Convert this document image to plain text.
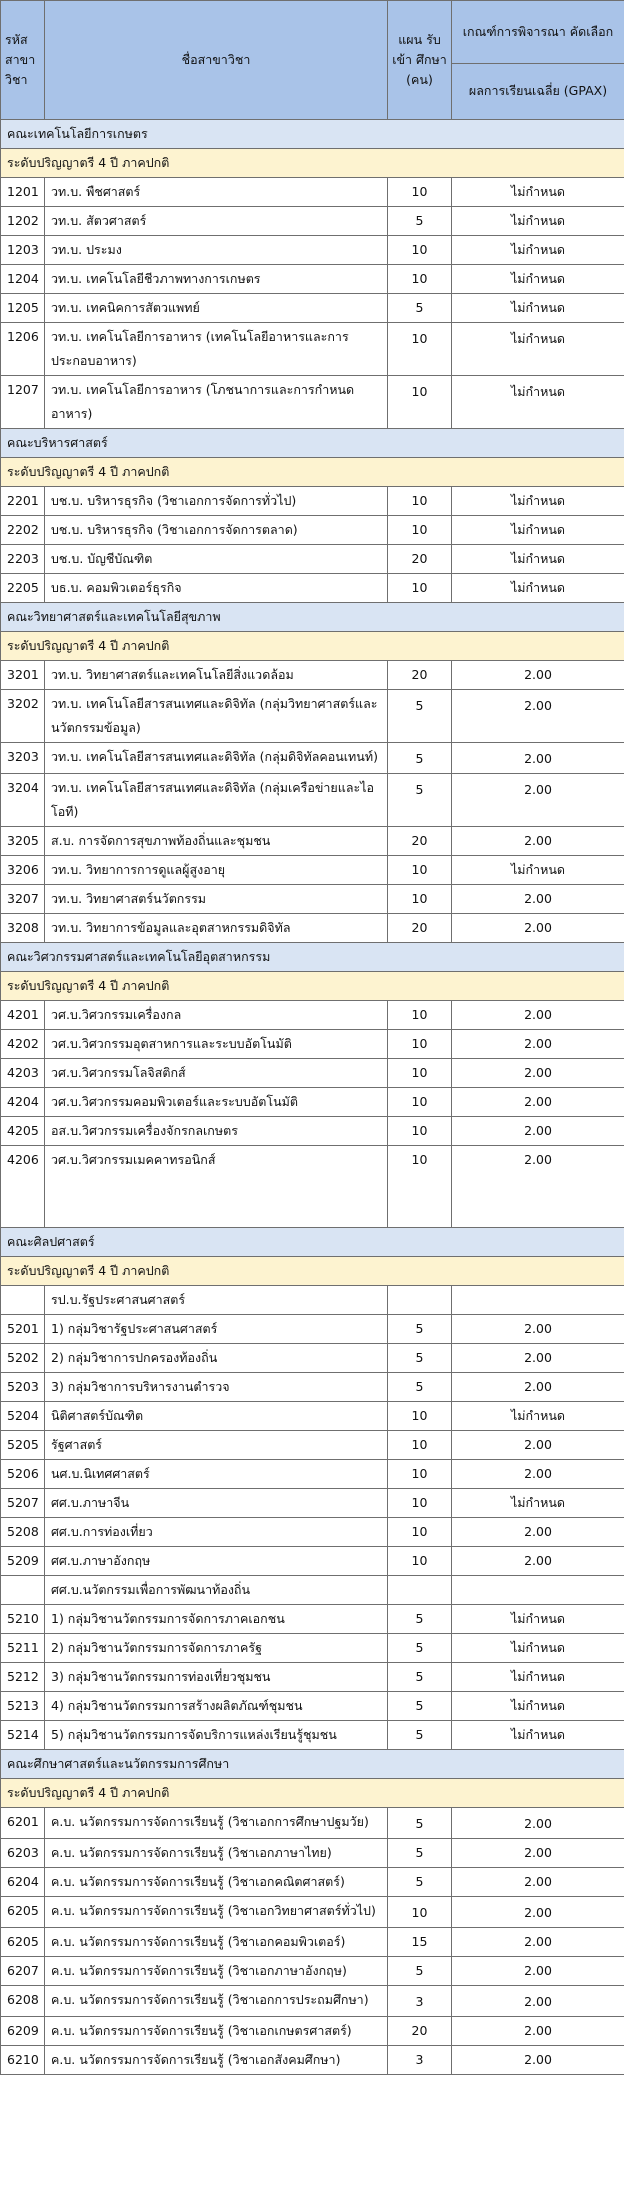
รหัส สาขา วิชา	ชื่อสาขาวิชา	แผน รับเข้า ศึกษา (คน)	เกณฑ์การพิจารณา คัดเลือก
			ผลการเรียนเฉลี่ย (GPAX)
คณะเทคโนโลยีการเกษตร			
ระดับปริญญาตรี 4 ปี ภาคปกติ			
1201	วท.บ. พืชศาสตร์	10	ไม่กำหนด
1202	วท.บ. สัตวศาสตร์	5	ไม่กำหนด
1203	วท.บ. ประมง	10	ไม่กำหนด
1204	วท.บ. เทคโนโลยีชีวภาพทางการเกษตร	10	ไม่กำหนด
1205	วท.บ. เทคนิคการสัตวแพทย์	5	ไม่กำหนด
1206	วท.บ. เทคโนโลยีการอาหาร (เทคโนโลยีอาหารและการประกอบอาหาร)	10	ไม่กำหนด
1207	วท.บ. เทคโนโลยีการอาหาร (โภชนาการและการกำหนดอาหาร)	10	ไม่กำหนด
คณะบริหารศาสตร์			
ระดับปริญญาตรี 4 ปี ภาคปกติ			
2201	บช.บ. บริหารธุรกิจ (วิชาเอกการจัดการทั่วไป)	10	ไม่กำหนด
2202	บช.บ. บริหารธุรกิจ (วิชาเอกการจัดการตลาด)	10	ไม่กำหนด
2203	บช.บ. บัญชีบัณฑิต	20	ไม่กำหนด
2205	บธ.บ. คอมพิวเตอร์ธุรกิจ	10	ไม่กำหนด
คณะวิทยาศาสตร์และเทคโนโลยีสุขภาพ			
ระดับปริญญาตรี 4 ปี ภาคปกติ			
3201	วท.บ. วิทยาศาสตร์และเทคโนโลยีสิ่งแวดล้อม	20	2.00
3202	วท.บ. เทคโนโลยีสารสนเทศและดิจิทัล (กลุ่มวิทยาศาสตร์และนวัตกรรมข้อมูล)	5	2.00
3203	วท.บ. เทคโนโลยีสารสนเทศและดิจิทัล (กลุ่มดิจิทัลคอนเทนท์)	5	2.00
3204	วท.บ. เทคโนโลยีสารสนเทศและดิจิทัล (กลุ่มเครือข่ายและไอโอที)	5	2.00
3205	ส.บ. การจัดการสุขภาพท้องถิ่นและชุมชน	20	2.00
3206	วท.บ. วิทยาการการดูแลผู้สูงอายุ	10	ไม่กำหนด
3207	วท.บ. วิทยาศาสตร์นวัตกรรม	10	2.00
3208	วท.บ. วิทยาการข้อมูลและอุตสาหกรรมดิจิทัล	20	2.00
คณะวิศวกรรมศาสตร์และเทคโนโลยีอุตสาหกรรม			
ระดับปริญญาตรี 4 ปี ภาคปกติ			
4201	วศ.บ.วิศวกรรมเครื่องกล	10	2.00
4202	วศ.บ.วิศวกรรมอุตสาหการและระบบอัตโนมัติ	10	2.00
4203	วศ.บ.วิศวกรรมโลจิสติกส์	10	2.00
4204	วศ.บ.วิศวกรรมคอมพิวเตอร์และระบบอัตโนมัติ	10	2.00
4205	อส.บ.วิศวกรรมเครื่องจักรกลเกษตร	10	2.00
4206	วศ.บ.วิศวกรรมเมคคาทรอนิกส์	10	2.00
คณะศิลปศาสตร์			
ระดับปริญญาตรี 4 ปี ภาคปกติ			
	รป.บ.รัฐประศาสนศาสตร์		
5201	1) กลุ่มวิชารัฐประศาสนศาสตร์	5	2.00
5202	2) กลุ่มวิชาการปกครองท้องถิ่น	5	2.00
5203	3) กลุ่มวิชาการบริหารงานตำรวจ	5	2.00
5204	นิติศาสตร์บัณฑิต	10	ไม่กำหนด
5205	รัฐศาสตร์	10	2.00
5206	นศ.บ.นิเทศศาสตร์	10	2.00
5207	ศศ.บ.ภาษาจีน	10	ไม่กำหนด
5208	ศศ.บ.การท่องเที่ยว	10	2.00
5209	ศศ.บ.ภาษาอังกฤษ	10	2.00
	ศศ.บ.นวัตกรรมเพื่อการพัฒนาท้องถิ่น		
5210	1) กลุ่มวิชานวัตกรรมการจัดการภาคเอกชน	5	ไม่กำหนด
5211	2) กลุ่มวิชานวัตกรรมการจัดการภาครัฐ	5	ไม่กำหนด
5212	3) กลุ่มวิชานวัตกรรมการท่องเที่ยวชุมชน	5	ไม่กำหนด
5213	4) กลุ่มวิชานวัตกรรมการสร้างผลิตภัณฑ์ชุมชน	5	ไม่กำหนด
5214	5) กลุ่มวิชานวัตกรรมการจัดบริการแหล่งเรียนรู้ชุมชน	5	ไม่กำหนด
คณะศึกษาศาสตร์และนวัตกรรมการศึกษา			
ระดับปริญญาตรี 4 ปี ภาคปกติ			
6201	ค.บ. นวัตกรรมการจัดการเรียนรู้ (วิชาเอกการศึกษาปฐมวัย)	5	2.00
6203	ค.บ. นวัตกรรมการจัดการเรียนรู้ (วิชาเอกภาษาไทย)	5	2.00
6204	ค.บ. นวัตกรรมการจัดการเรียนรู้ (วิชาเอกคณิตศาสตร์)	5	2.00
6205	ค.บ. นวัตกรรมการจัดการเรียนรู้ (วิชาเอกวิทยาศาสตร์ทั่วไป)	10	2.00
6205	ค.บ. นวัตกรรมการจัดการเรียนรู้ (วิชาเอกคอมพิวเตอร์)	15	2.00
6207	ค.บ. นวัตกรรมการจัดการเรียนรู้ (วิชาเอกภาษาอังกฤษ)	5	2.00
6208	ค.บ. นวัตกรรมการจัดการเรียนรู้ (วิชาเอกการประถมศึกษา)	3	2.00
6209	ค.บ. นวัตกรรมการจัดการเรียนรู้ (วิชาเอกเกษตรศาสตร์)	20	2.00
6210	ค.บ. นวัตกรรมการจัดการเรียนรู้ (วิชาเอกสังคมศึกษา)	3	2.00
